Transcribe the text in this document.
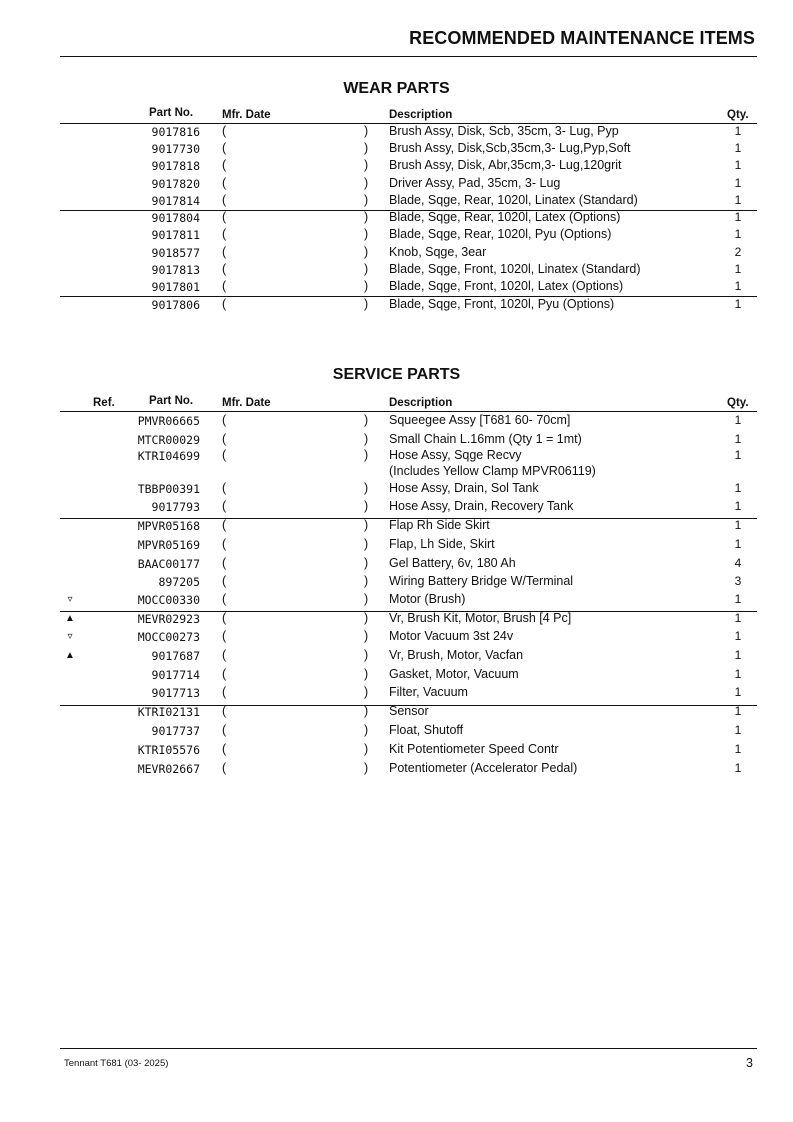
RECOMMENDED MAINTENANCE ITEMS
WEAR PARTS
Part No.	Mfr. Date	Description	Qty.
9017816 (	) Brush Assy, Disk, Scb, 35cm, 3- Lug, Pyp	1
9017730 (	) Brush Assy, Disk,Scb,35cm,3- Lug,Pyp,Soft	1
9017818 (	) Brush Assy, Disk, Abr,35cm,3- Lug,120grit	1
9017820 (	) Driver Assy, Pad, 35cm, 3- Lug	1
9017814 (	) Blade, Sqge, Rear, 1020l, Linatex (Standard)	1
9017804 (	) Blade, Sqge, Rear, 1020l, Latex (Options)	1
9017811 (	) Blade, Sqge, Rear, 1020l, Pyu (Options)	1
9018577 (	) Knob, Sqge, 3ear	2
9017813 (	) Blade, Sqge, Front, 1020l, Linatex (Standard)	1
9017801 (	) Blade, Sqge, Front, 1020l, Latex (Options)	1
9017806 (	) Blade, Sqge, Front, 1020l, Pyu (Options)	1
SERVICE PARTS
Ref.	Part No.	Mfr. Date	Description	Qty.
PMVR06665 (	) Squeegee Assy [T681 60- 70cm]	1
MTCR00029 (	) Small Chain L.16mm (Qty 1 = 1mt)	1
KTRI04699 (	) Hose Assy, Sqge Recvy	1
(Includes Yellow Clamp MPVR06119)
TBBP00391 (	) Hose Assy, Drain, Sol Tank	1
9017793 (	) Hose Assy, Drain, Recovery Tank	1
MPVR05168 (	) Flap Rh Side Skirt	1
MPVR05169 (	) Flap, Lh Side, Skirt	1
BAAC00177 (	) Gel Battery, 6v, 180 Ah	4
897205 (	) Wiring Battery Bridge W/Terminal	3
▿	MOCC00330 (	) Motor (Brush)	1
▲	MEVR02923 (	) Vr, Brush Kit, Motor, Brush [4 Pc]	1
▿	MOCC00273 (	) Motor Vacuum 3st 24v	1
▲	9017687 (	) Vr, Brush, Motor, Vacfan	1
9017714 (	) Gasket, Motor, Vacuum	1
9017713 (	) Filter, Vacuum	1
KTRI02131 (	) Sensor	1
9017737 (	) Float, Shutoff	1
KTRI05576 (	) Kit Potentiometer Speed Contr	1
MEVR02667 (	) Potentiometer (Accelerator Pedal)	1
Tennant T681 (03- 2025)	3
